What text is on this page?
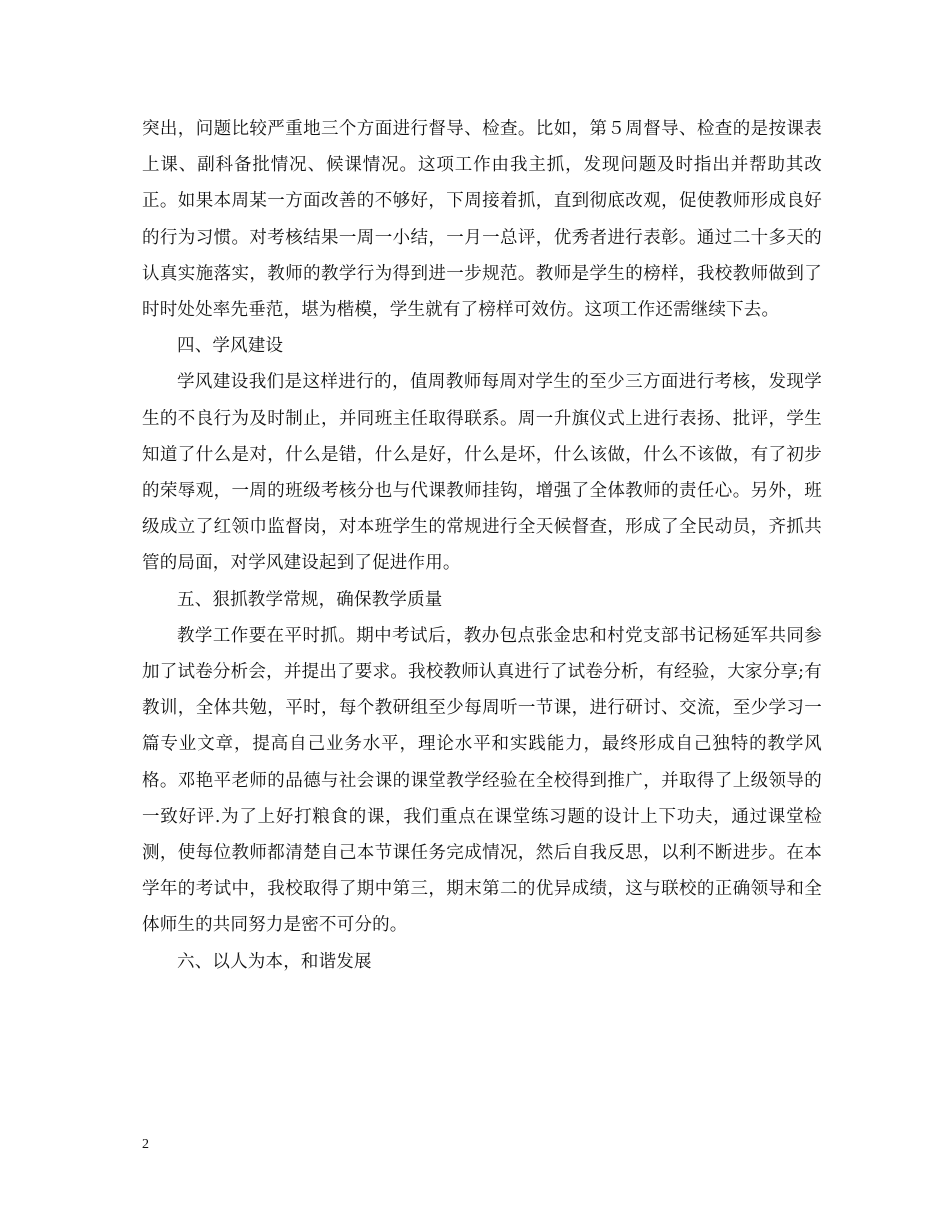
突出，问题比较严重地三个方面进行督导、检查。比如，第５周督导、检查的是按课表上课、副科备批情况、候课情况。这项工作由我主抓，发现问题及时指出并帮助其改正。如果本周某一方面改善的不够好，下周接着抓，直到彻底改观，促使教师形成良好的行为习惯。对考核结果一周一小结，一月一总评，优秀者进行表彰。通过二十多天的认真实施落实，教师的教学行为得到进一步规范。教师是学生的榜样，我校教师做到了时时处处率先垂范，堪为楷模，学生就有了榜样可效仿。这项工作还需继续下去。

四、学风建设

学风建设我们是这样进行的，值周教师每周对学生的至少三方面进行考核，发现学生的不良行为及时制止，并同班主任取得联系。周一升旗仪式上进行表扬、批评，学生知道了什么是对，什么是错，什么是好，什么是坏，什么该做，什么不该做，有了初步的荣辱观，一周的班级考核分也与代课教师挂钩，增强了全体教师的责任心。另外，班级成立了红领巾监督岗，对本班学生的常规进行全天候督查，形成了全民动员，齐抓共管的局面，对学风建设起到了促进作用。

五、狠抓教学常规，确保教学质量

教学工作要在平时抓。期中考试后，教办包点张金忠和村党支部书记杨延军共同参加了试卷分析会，并提出了要求。我校教师认真进行了试卷分析，有经验，大家分享;有教训，全体共勉，平时，每个教研组至少每周听一节课，进行研讨、交流，至少学习一篇专业文章，提高自己业务水平，理论水平和实践能力，最终形成自己独特的教学风格。邓艳平老师的品德与社会课的课堂教学经验在全校得到推广，并取得了上级领导的一致好评.为了上好打粮食的课，我们重点在课堂练习题的设计上下功夫，通过课堂检测，使每位教师都清楚自己本节课任务完成情况，然后自我反思，以利不断进步。在本学年的考试中，我校取得了期中第三，期末第二的优异成绩，这与联校的正确领导和全体师生的共同努力是密不可分的。

六、以人为本，和谐发展

2
